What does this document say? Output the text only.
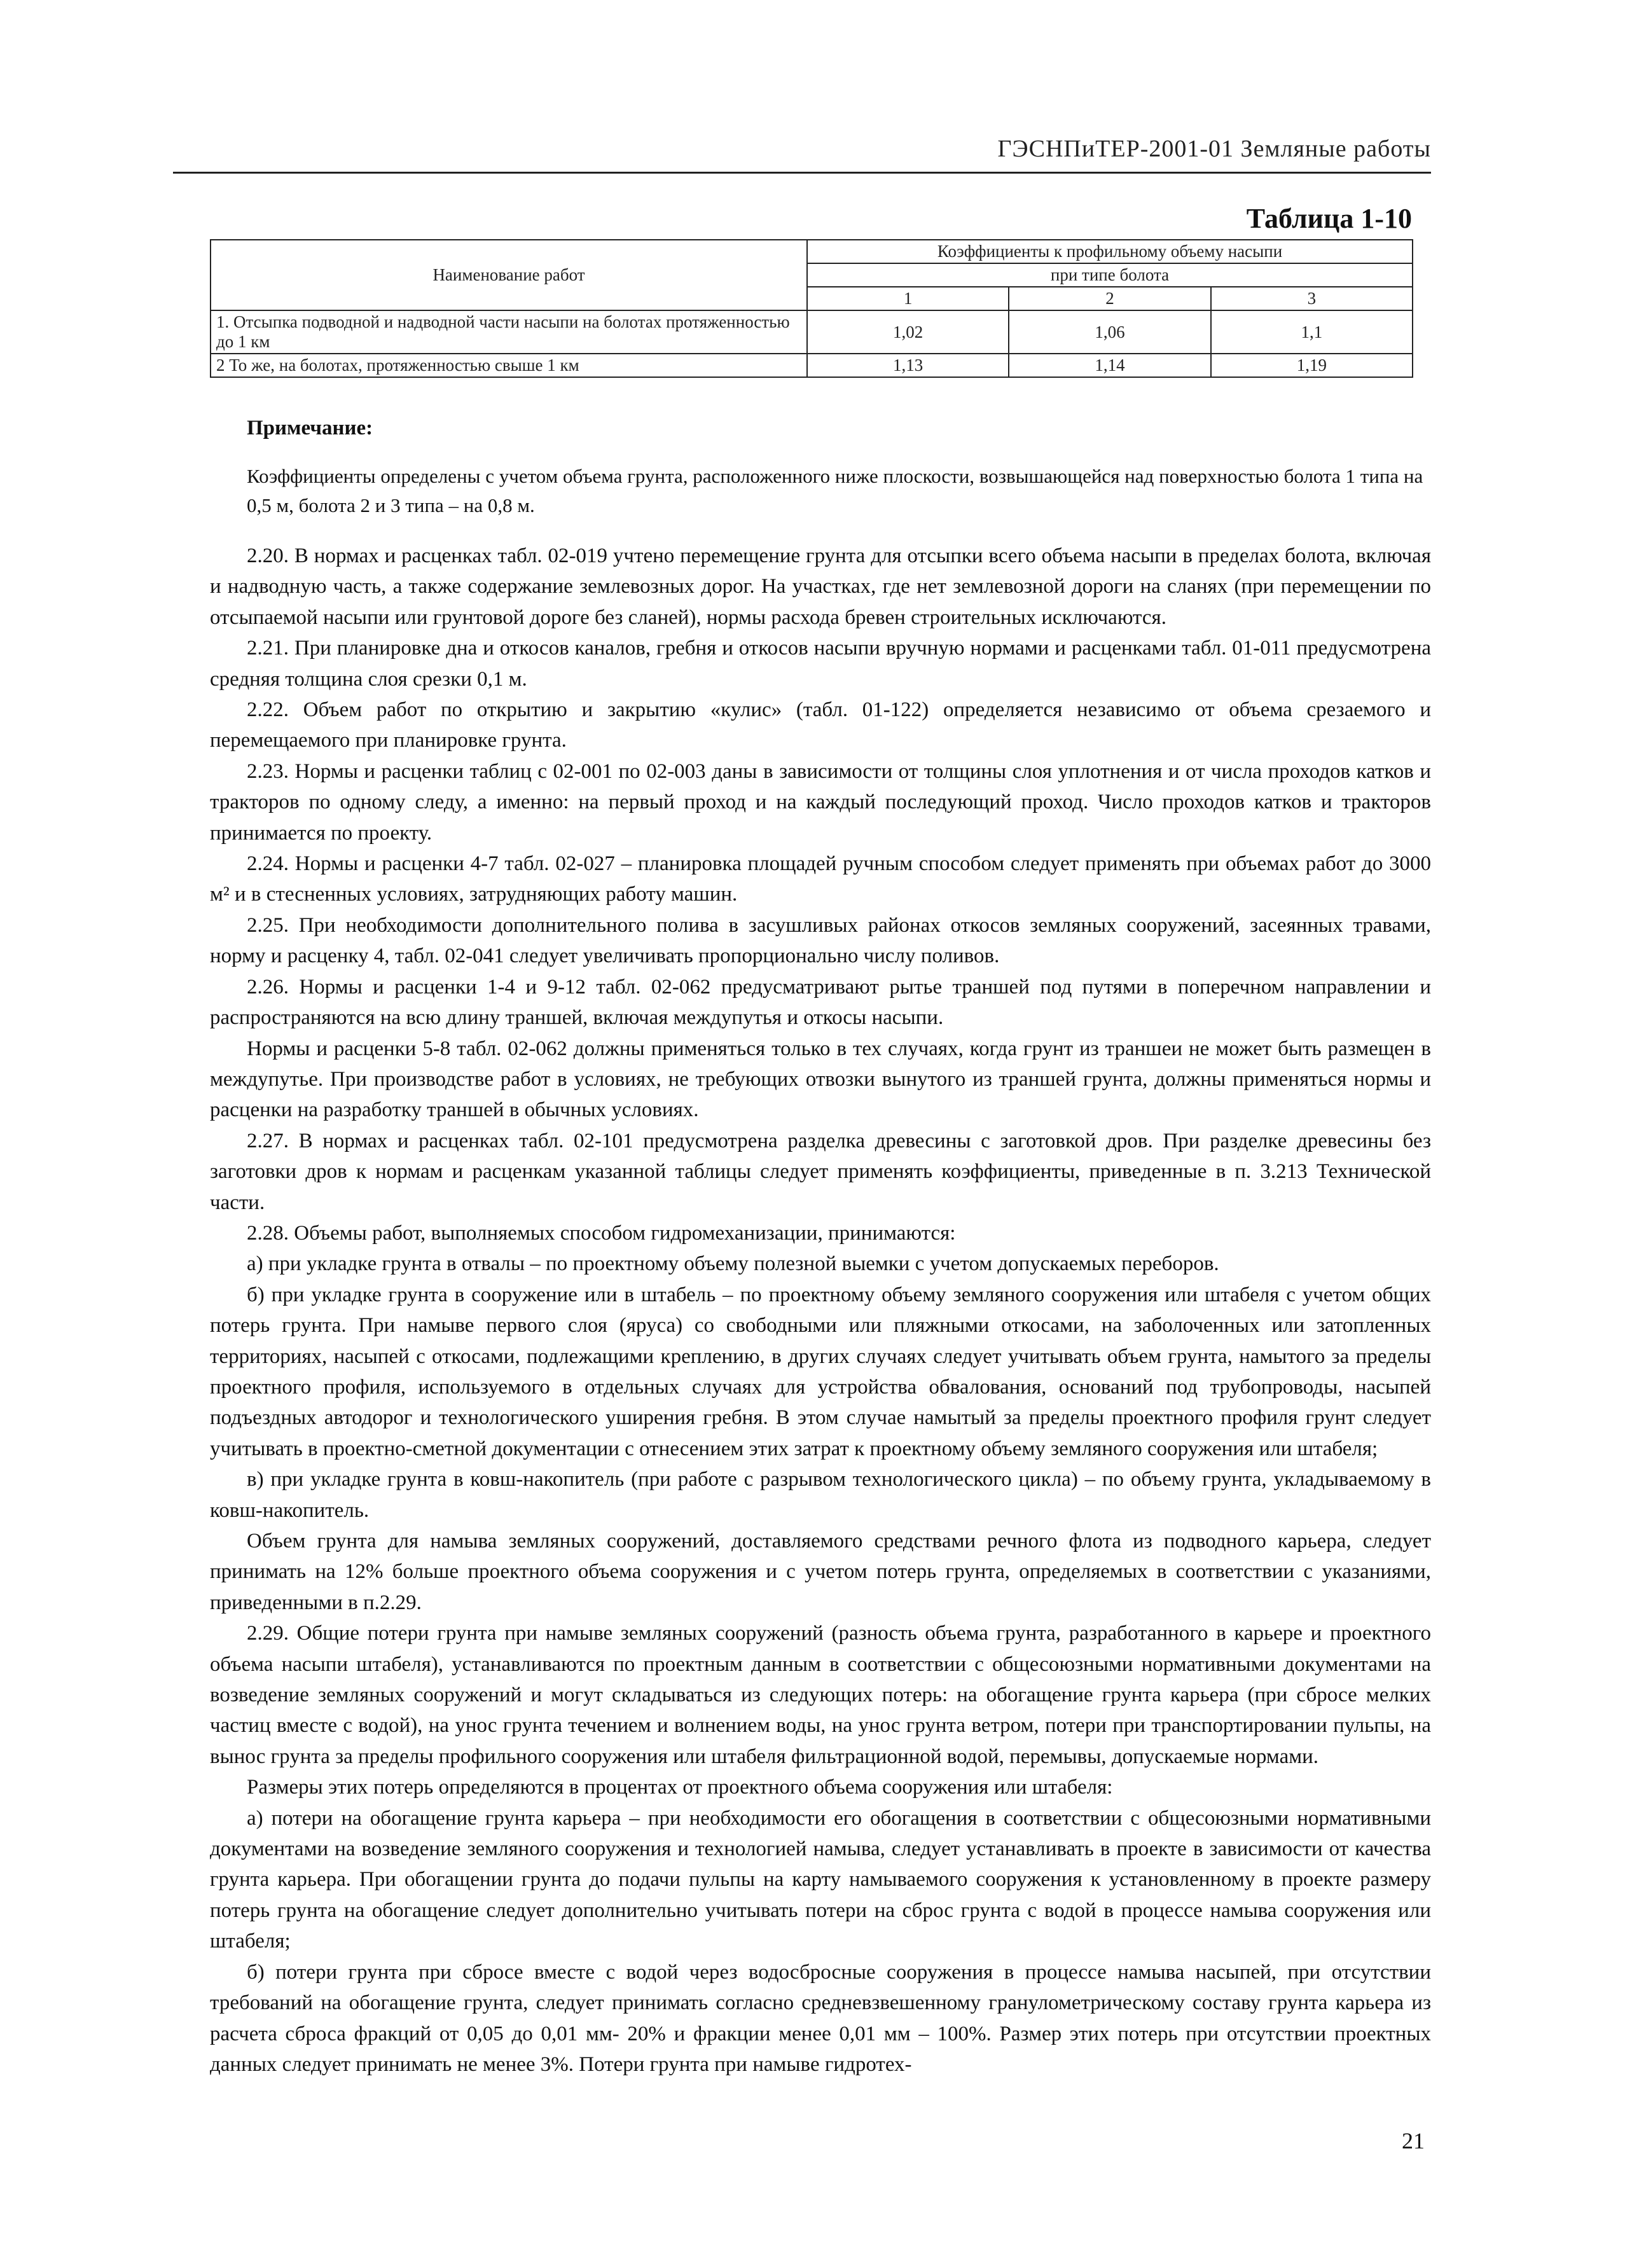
ГЭСНПиТЕР-2001-01 Земляные работы
Таблица 1-10
Наименование работ	Коэффициенты к профильному объему насыпи		
	при типе болота		
	1	2	3
1. Отсыпка подводной и надводной части насыпи на болотах протяженностью до 1 км	1,02	1,06	1,1
2 То же, на болотах, протяженностью свыше 1 км	1,13	1,14	1,19
Примечание:

Коэффициенты определены с учетом объема грунта, расположенного ниже плоскости, возвышающейся над поверхностью болота 1 типа на 0,5 м, болота 2 и 3 типа – на 0,8 м.

2.20. В нормах и расценках табл. 02-019 учтено перемещение грунта для отсыпки всего объема насыпи в пределах болота, включая и надводную часть, а также содержание землевозных дорог. На участках, где нет землевозной дороги на сланях (при перемещении по отсыпаемой насыпи или грунтовой дороге без сланей), нормы расхода бревен строительных исключаются.

2.21. При планировке дна и откосов каналов, гребня и откосов насыпи вручную нормами и расценками табл. 01-011 предусмотрена средняя толщина слоя срезки 0,1 м.

2.22. Объем работ по открытию и закрытию «кулис» (табл. 01-122) определяется независимо от объема срезаемого и перемещаемого при планировке грунта.

2.23. Нормы и расценки таблиц с 02-001 по 02-003 даны в зависимости от толщины слоя уплотнения и от числа проходов катков и тракторов по одному следу, а именно: на первый проход и на каждый последующий проход. Число проходов катков и тракторов принимается по проекту.

2.24. Нормы и расценки 4-7 табл. 02-027 – планировка площадей ручным способом следует применять при объемах работ до 3000 м² и в стесненных условиях, затрудняющих работу машин.

2.25. При необходимости дополнительного полива в засушливых районах откосов земляных сооружений, засеянных травами, норму и расценку 4, табл. 02-041 следует увеличивать пропорционально числу поливов.

2.26. Нормы и расценки 1-4 и 9-12 табл. 02-062 предусматривают рытье траншей под путями в поперечном направлении и распространяются на всю длину траншей, включая междупутья и откосы насыпи.

Нормы и расценки 5-8 табл. 02-062 должны применяться только в тех случаях, когда грунт из траншеи не может быть размещен в междупутье. При производстве работ в условиях, не требующих отвозки вынутого из траншей грунта, должны применяться нормы и расценки на разработку траншей в обычных условиях.

2.27. В нормах и расценках табл. 02-101 предусмотрена разделка древесины с заготовкой дров. При разделке древесины без заготовки дров к нормам и расценкам указанной таблицы следует применять коэффициенты, приведенные в п. 3.213 Технической части.

2.28. Объемы работ, выполняемых способом гидромеханизации, принимаются:

а) при укладке грунта в отвалы – по проектному объему полезной выемки с учетом допускаемых переборов.

б) при укладке грунта в сооружение или в штабель – по проектному объему земляного сооружения или штабеля с учетом общих потерь грунта. При намыве первого слоя (яруса) со свободными или пляжными откосами, на заболоченных или затопленных территориях, насыпей с откосами, подлежащими креплению, в других случаях следует учитывать объем грунта, намытого за пределы проектного профиля, используемого в отдельных случаях для устройства обвалования, оснований под трубопроводы, насыпей подъездных автодорог и технологического уширения гребня. В этом случае намытый за пределы проектного профиля грунт следует учитывать в проектно-сметной документации с отнесением этих затрат к проектному объему земляного сооружения или штабеля;

в) при укладке грунта в ковш-накопитель (при работе с разрывом технологического цикла) – по объему грунта, укладываемому в ковш-накопитель.

Объем грунта для намыва земляных сооружений, доставляемого средствами речного флота из подводного карьера, следует принимать на 12% больше проектного объема сооружения и с учетом потерь грунта, определяемых в соответствии с указаниями, приведенными в п.2.29.

2.29. Общие потери грунта при намыве земляных сооружений (разность объема грунта, разработанного в карьере и проектного объема насыпи штабеля), устанавливаются по проектным данным в соответствии с общесоюзными нормативными документами на возведение земляных сооружений и могут складываться из следующих потерь: на обогащение грунта карьера (при сбросе мелких частиц вместе с водой), на унос грунта течением и волнением воды, на унос грунта ветром, потери при транспортировании пульпы, на вынос грунта за пределы профильного сооружения или штабеля фильтрационной водой, перемывы, допускаемые нормами.

Размеры этих потерь определяются в процентах от проектного объема сооружения или штабеля:

а) потери на обогащение грунта карьера – при необходимости его обогащения в соответствии с общесоюзными нормативными документами на возведение земляного сооружения и технологией намыва, следует устанавливать в проекте в зависимости от качества грунта карьера. При обогащении грунта до подачи пульпы на карту намываемого сооружения к установленному в проекте размеру потерь грунта на обогащение следует дополнительно учитывать потери на сброс грунта с водой в процессе намыва сооружения или штабеля;

б) потери грунта при сбросе вместе с водой через водосбросные сооружения в процессе намыва насыпей, при отсутствии требований на обогащение грунта, следует принимать согласно средневзвешенному гранулометрическому составу грунта карьера из расчета сброса фракций от 0,05 до 0,01 мм- 20% и фракции менее 0,01 мм – 100%. Размер этих потерь при отсутствии проектных данных следует принимать не менее 3%. Потери грунта при намыве гидротех-

21
